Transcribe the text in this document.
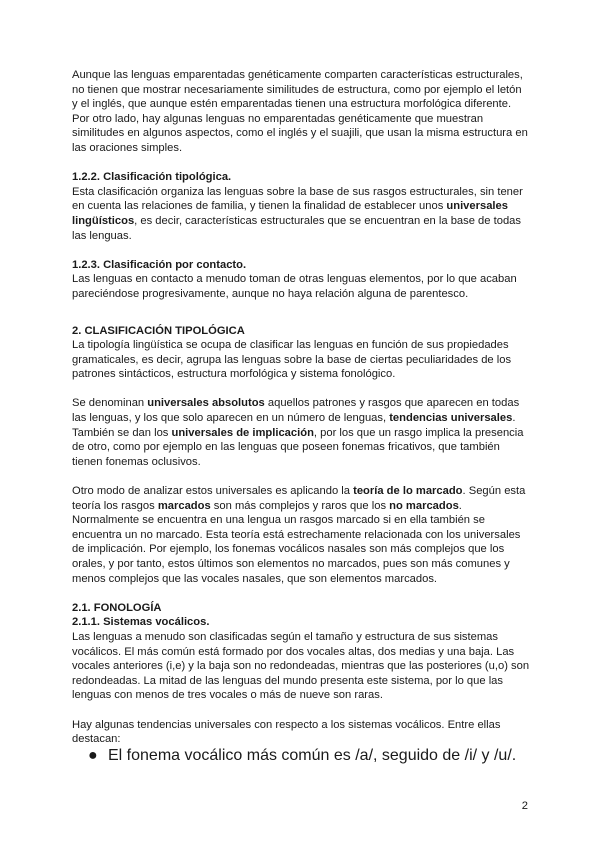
Aunque las lenguas emparentadas genéticamente comparten características estructurales, no tienen que mostrar necesariamente similitudes de estructura, como por ejemplo el letón y el inglés, que aunque estén emparentadas tienen una estructura morfológica diferente. Por otro lado, hay algunas lenguas no emparentadas genéticamente que muestran similitudes en algunos aspectos, como el inglés y el suajili, que usan la misma estructura en las oraciones simples.

1.2.2. Clasificación tipológica.

Esta clasificación organiza las lenguas sobre la base de sus rasgos estructurales, sin tener en cuenta las relaciones de familia, y tienen la finalidad de establecer unos universales lingüísticos, es decir, características estructurales que se encuentran en la base de todas las lenguas.

1.2.3. Clasificación por contacto.

Las lenguas en contacto a menudo toman de otras lenguas elementos, por lo que acaban pareciéndose progresivamente, aunque no haya relación alguna de parentesco.

2. CLASIFICACIÓN TIPOLÓGICA

La tipología lingüística se ocupa de clasificar las lenguas en función de sus propiedades gramaticales, es decir, agrupa las lenguas sobre la base de ciertas peculiaridades de los patrones sintácticos, estructura morfológica y sistema fonológico.

Se denominan universales absolutos aquellos patrones y rasgos que aparecen en todas las lenguas, y los que solo aparecen en un número de lenguas, tendencias universales. También se dan los universales de implicación, por los que un rasgo implica la presencia de otro, como por ejemplo en las lenguas que poseen fonemas fricativos, que también tienen fonemas oclusivos.

Otro modo de analizar estos universales es aplicando la teoría de lo marcado. Según esta teoría los rasgos marcados son más complejos y raros que los no marcados. Normalmente se encuentra en una lengua un rasgos marcado si en ella también se encuentra un no marcado. Esta teoría está estrechamente relacionada con los universales de implicación. Por ejemplo, los fonemas vocálicos nasales son más complejos que los orales, y por tanto, estos últimos son elementos no marcados, pues son más comunes y menos complejos que las vocales nasales, que son elementos marcados.

2.1. FONOLOGÍA
2.1.1. Sistemas vocálicos.

Las lenguas a menudo son clasificadas según el tamaño y estructura de sus sistemas vocálicos. El más común está formado por dos vocales altas, dos medias y una baja. Las vocales anteriores (i,e) y la baja son no redondeadas, mientras que las posteriores (u,o) son redondeadas. La mitad de las lenguas del mundo presenta este sistema, por lo que las lenguas con menos de tres vocales o más de nueve son raras.

Hay algunas tendencias universales con respecto a los sistemas vocálicos. Entre ellas destacan:

● El fonema vocálico más común es /a/, seguido de /i/ y /u/.
2
